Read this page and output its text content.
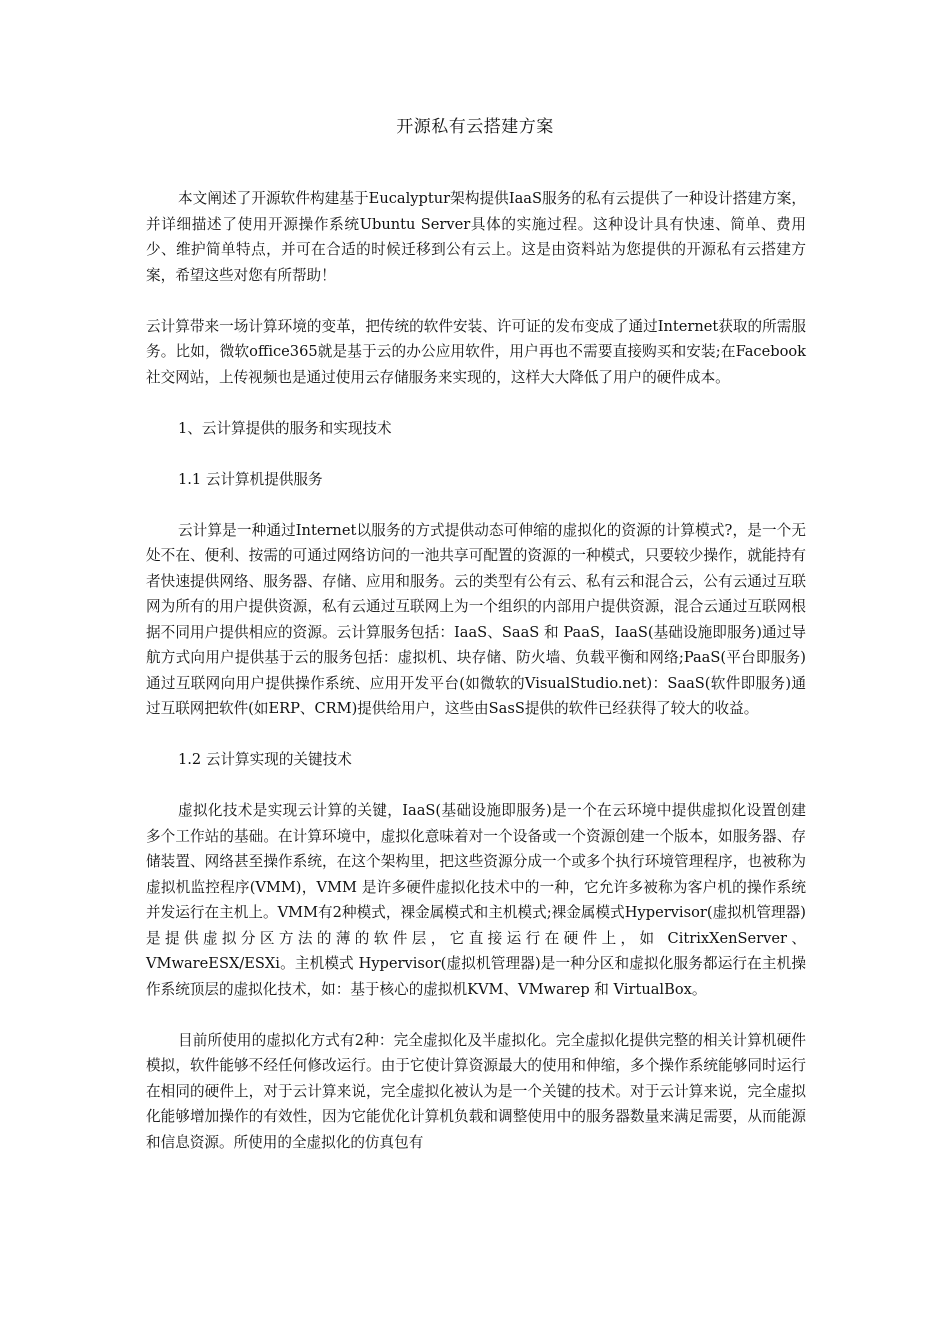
开源私有云搭建方案

本文阐述了开源软件构建基于Eucalyptur架构提供IaaS服务的私有云提供了一种设计搭建方案，并详细描述了使用开源操作系统Ubuntu Server具体的实施过程。这种设计具有快速、简单、费用少、维护简单特点，并可在合适的时候迁移到公有云上。这是由资料站为您提供的开源私有云搭建方案，希望这些对您有所帮助！

云计算带来一场计算环境的变革，把传统的软件安装、许可证的发布变成了通过Internet获取的所需服务。比如，微软office365就是基于云的办公应用软件，用户再也不需要直接购买和安装;在Facebook社交网站，上传视频也是通过使用云存储服务来实现的，这样大大降低了用户的硬件成本。

1、云计算提供的服务和实现技术
1.1 云计算机提供服务

云计算是一种通过Internet以服务的方式提供动态可伸缩的虚拟化的资源的计算模式?，是一个无处不在、便利、按需的可通过网络访问的一池共享可配置的资源的一种模式，只要较少操作，就能持有者快速提供网络、服务器、存储、应用和服务。云的类型有公有云、私有云和混合云，公有云通过互联网为所有的用户提供资源，私有云通过互联网上为一个组织的内部用户提供资源，混合云通过互联网根据不同用户提供相应的资源。云计算服务包括：IaaS、SaaS 和 PaaS，IaaS(基础设施即服务)通过导航方式向用户提供基于云的服务包括：虚拟机、块存储、防火墙、负载平衡和网络;PaaS(平台即服务)通过互联网向用户提供操作系统、应用开发平台(如微软的VisualStudio.net)：SaaS(软件即服务)通过互联网把软件(如ERP、CRM)提供给用户，这些由SasS提供的软件已经获得了较大的收益。

1.2 云计算实现的关键技术

虚拟化技术是实现云计算的关键，IaaS(基础设施即服务)是一个在云环境中提供虚拟化设置创建多个工作站的基础。在计算环境中，虚拟化意味着对一个设备或一个资源创建一个版本，如服务器、存储装置、网络甚至操作系统，在这个架构里，把这些资源分成一个或多个执行环境管理程序，也被称为虚拟机监控程序(VMM)，VMM 是许多硬件虚拟化技术中的一种，它允许多被称为客户机的操作系统并发运行在主机上。VMM有2种模式，裸金属模式和主机模式;裸金属模式Hypervisor(虚拟机管理器)是提供虚拟分区方法的薄的软件层，它直接运行在硬件上，如 CitrixXenServer、VMwareESX/ESXi。主机模式 Hypervisor(虚拟机管理器)是一种分区和虚拟化服务都运行在主机操作系统顶层的虚拟化技术，如：基于核心的虚拟机KVM、VMwarep 和 VirtualBox。

目前所使用的虚拟化方式有2种：完全虚拟化及半虚拟化。完全虚拟化提供完整的相关计算机硬件模拟，软件能够不经任何修改运行。由于它使计算资源最大的使用和伸缩，多个操作系统能够同时运行在相同的硬件上，对于云计算来说，完全虚拟化被认为是一个关键的技术。对于云计算来说，完全虚拟化能够增加操作的有效性，因为它能优化计算机负载和调整使用中的服务器数量来满足需要，从而能源和信息资源。所使用的全虚拟化的仿真包有
